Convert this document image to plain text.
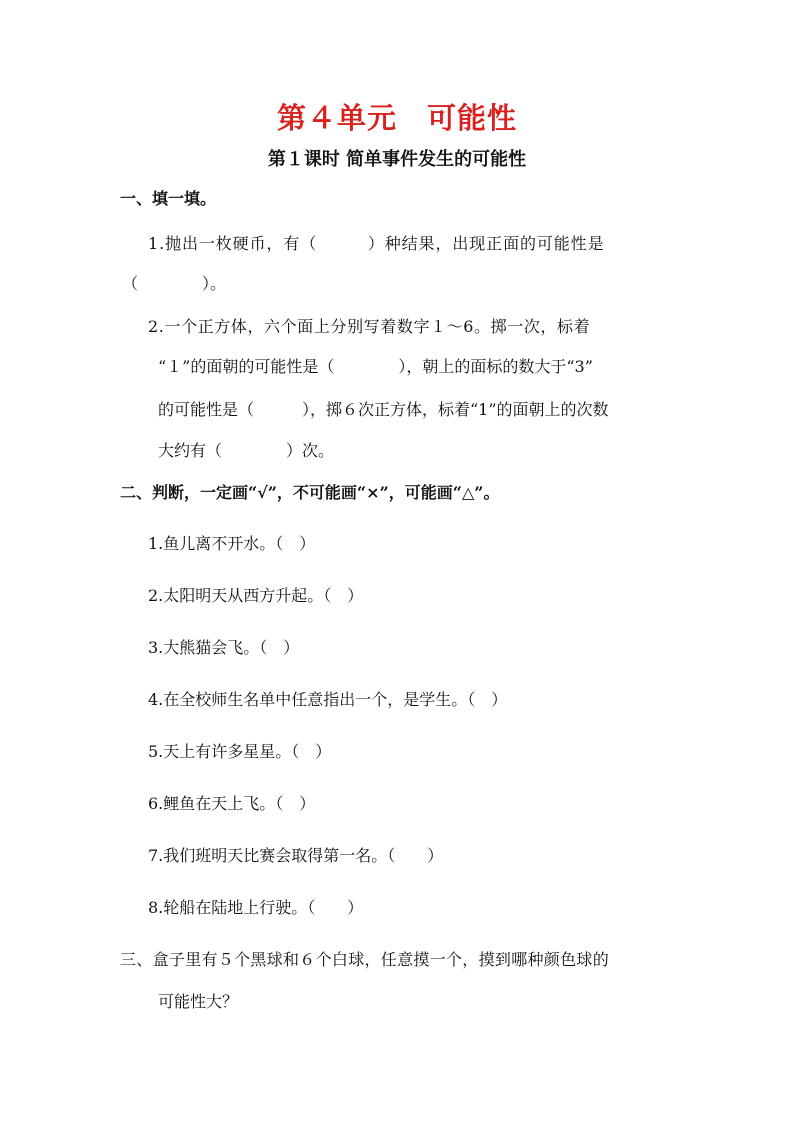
第４单元　可能性
第１课时 简单事件发生的可能性
一、填一填。
1.抛出一枚硬币，有（　　　）种结果，出现正面的可能性是
（　　　　）。
2.一个正方体，六个面上分别写着数字１～6。掷一次，标着
“１”的面朝的可能性是（　　　　），朝上的面标的数大于“3”
的可能性是（　　　），掷６次正方体，标着“1”的面朝上的次数
大约有（　　　　）次。
二、判断，一定画“√”，不可能画“×”，可能画“△”。
1.鱼儿离不开水。（　）
2.太阳明天从西方升起。（　）
3.大熊猫会飞。（　）
4.在全校师生名单中任意指出一个，是学生。（　）
5.天上有许多星星。（　）
6.鲤鱼在天上飞。（　）
7.我们班明天比赛会取得第一名。（　　）
8.轮船在陆地上行驶。（　　）
三、盒子里有５个黑球和６个白球，任意摸一个，摸到哪种颜色球的
可能性大？
